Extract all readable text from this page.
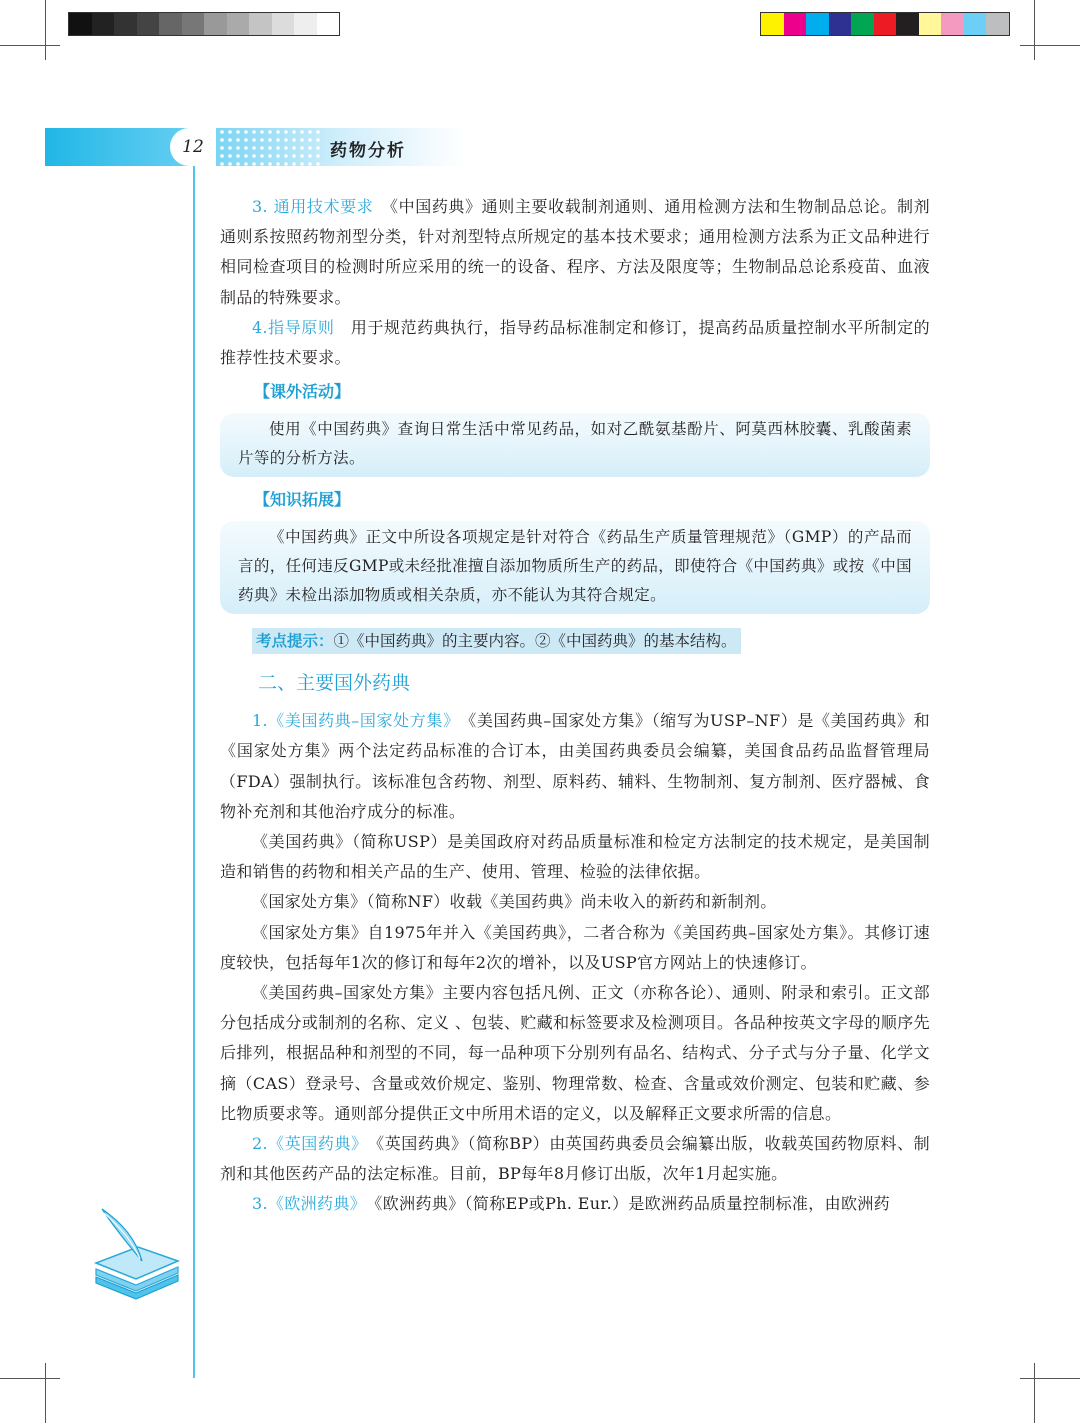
12	药物分析

3. 通用技术要求　《中国药典》通则主要收载制剂通则、通用检测方法和生物制品总论。制剂通则系按照药物剂型分类，针对剂型特点所规定的基本技术要求；通用检测方法系为正文品种进行相同检查项目的检测时所应采用的统一的设备、程序、方法及限度等；生物制品总论系疫苗、血液制品的特殊要求。

4.指导原则　用于规范药典执行，指导药品标准制定和修订，提高药品质量控制水平所制定的推荐性技术要求。

【课外活动】

使用《中国药典》查询日常生活中常见药品，如对乙酰氨基酚片、阿莫西林胶囊、乳酸菌素片等的分析方法。

【知识拓展】

《中国药典》正文中所设各项规定是针对符合《药品生产质量管理规范》（GMP）的产品而言的，任何违反GMP或未经批准擅自添加物质所生产的药品，即使符合《中国药典》或按《中国药典》未检出添加物质或相关杂质，亦不能认为其符合规定。

考点提示：①《中国药典》的主要内容。②《中国药典》的基本结构。
二、主要国外药典

1.《美国药典–国家处方集》　《美国药典–国家处方集》（缩写为USP–NF）是《美国药典》和《国家处方集》两个法定药品标准的合订本，由美国药典委员会编纂，美国食品药品监督管理局（FDA）强制执行。该标准包含药物、剂型、原料药、辅料、生物制剂、复方制剂、医疗器械、食物补充剂和其他治疗成分的标准。

《美国药典》（简称USP）是美国政府对药品质量标准和检定方法制定的技术规定，是美国制造和销售的药物和相关产品的生产、使用、管理、检验的法律依据。

《国家处方集》（简称NF）收载《美国药典》尚未收入的新药和新制剂。

《国家处方集》自1975年并入《美国药典》，二者合称为《美国药典–国家处方集》。其修订速度较快，包括每年1次的修订和每年2次的增补，以及USP官方网站上的快速修订。

《美国药典–国家处方集》主要内容包括凡例、正文（亦称各论）、通则、附录和索引。正文部分包括成分或制剂的名称、定义 、包装、贮藏和标签要求及检测项目。各品种按英文字母的顺序先后排列，根据品种和剂型的不同，每一品种项下分别列有品名、结构式、分子式与分子量、化学文摘（CAS）登录号、含量或效价规定、鉴别、物理常数、检查、含量或效价测定、包装和贮藏、参比物质要求等。通则部分提供正文中所用术语的定义，以及解释正文要求所需的信息。

2.《英国药典》　《英国药典》（简称BP）由英国药典委员会编纂出版，收载英国药物原料、制剂和其他医药产品的法定标准。目前，BP每年8月修订出版，次年1月起实施。

3.《欧洲药典》　《欧洲药典》（简称EP或Ph. Eur.）是欧洲药品质量控制标准，由欧洲药
